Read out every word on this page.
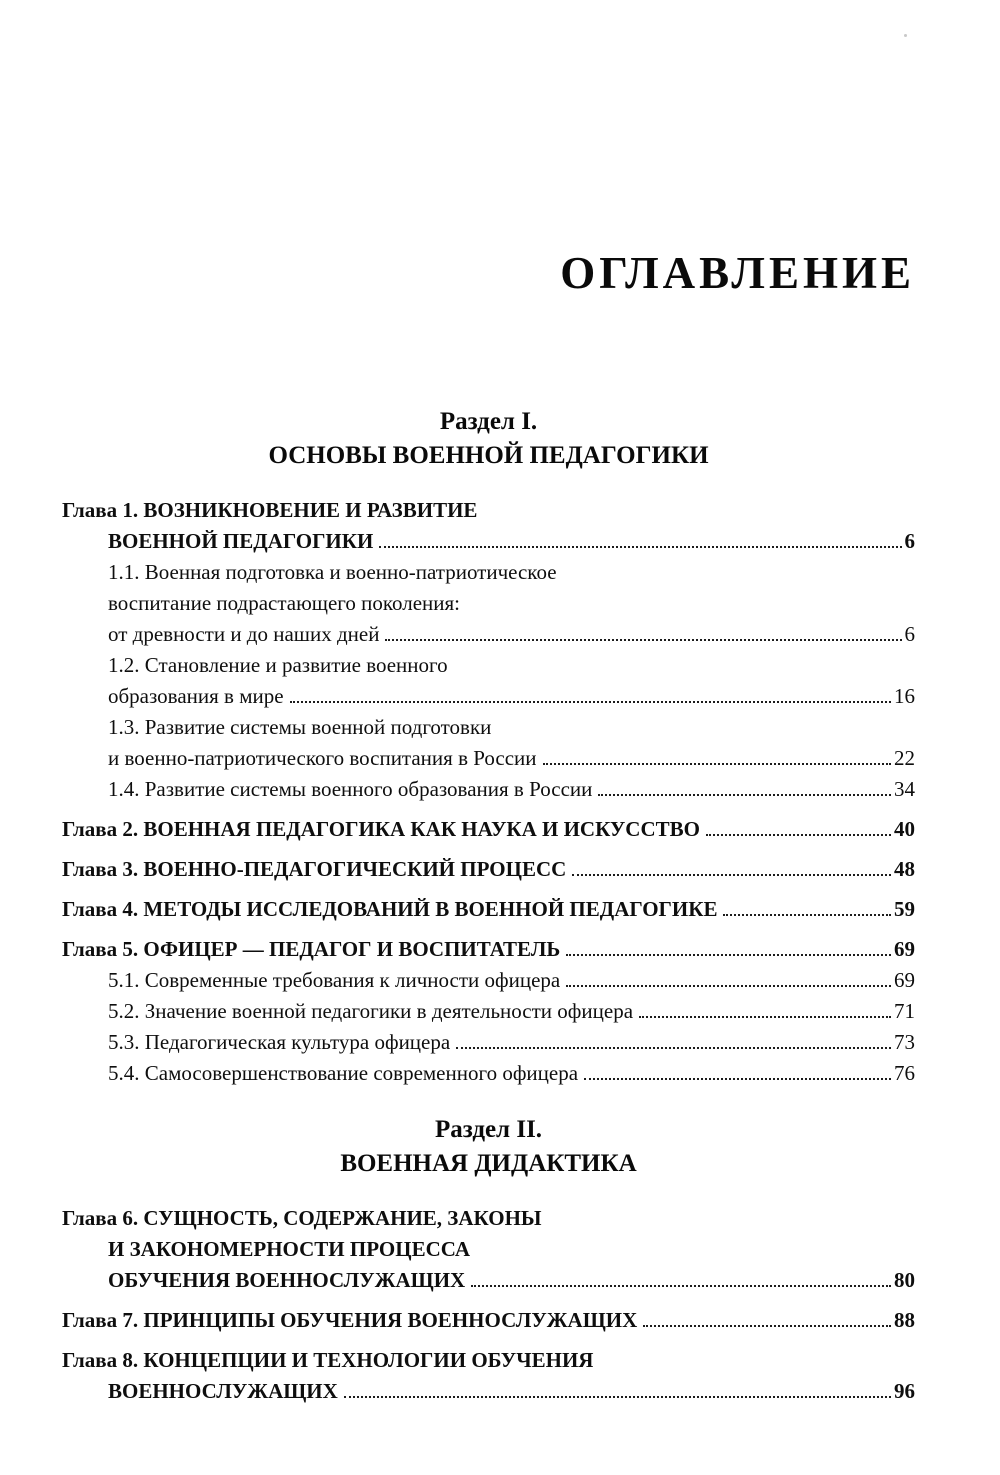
ОГЛАВЛЕНИЕ
Раздел I.
ОСНОВЫ ВОЕННОЙ ПЕДАГОГИКИ
Глава 1. ВОЗНИКНОВЕНИЕ И РАЗВИТИЕ
ВОЕННОЙ ПЕДАГОГИКИ	6
1.1. Военная подготовка и военно-патриотическое
воспитание подрастающего поколения:
от древности и до наших дней	6
1.2. Становление и развитие военного
образования в мире	16
1.3. Развитие системы военной подготовки
и военно-патриотического воспитания в России	22
1.4. Развитие системы военного образования в России	34
Глава 2. ВОЕННАЯ ПЕДАГОГИКА КАК НАУКА И ИСКУССТВО	40
Глава 3. ВОЕННО-ПЕДАГОГИЧЕСКИЙ ПРОЦЕСС	48
Глава 4. МЕТОДЫ ИССЛЕДОВАНИЙ В ВОЕННОЙ ПЕДАГОГИКЕ	59
Глава 5. ОФИЦЕР — ПЕДАГОГ И ВОСПИТАТЕЛЬ	69
5.1. Современные требования к личности офицера	69
5.2. Значение военной педагогики в деятельности офицера	71
5.3. Педагогическая культура офицера	73
5.4. Самосовершенствование современного офицера	76
Раздел II.
ВОЕННАЯ ДИДАКТИКА
Глава 6. СУЩНОСТЬ, СОДЕРЖАНИЕ, ЗАКОНЫ
И ЗАКОНОМЕРНОСТИ ПРОЦЕССА
ОБУЧЕНИЯ ВОЕННОСЛУЖАЩИХ	80
Глава 7. ПРИНЦИПЫ ОБУЧЕНИЯ ВОЕННОСЛУЖАЩИХ	88
Глава 8. КОНЦЕПЦИИ И ТЕХНОЛОГИИ ОБУЧЕНИЯ
ВОЕННОСЛУЖАЩИХ	96
